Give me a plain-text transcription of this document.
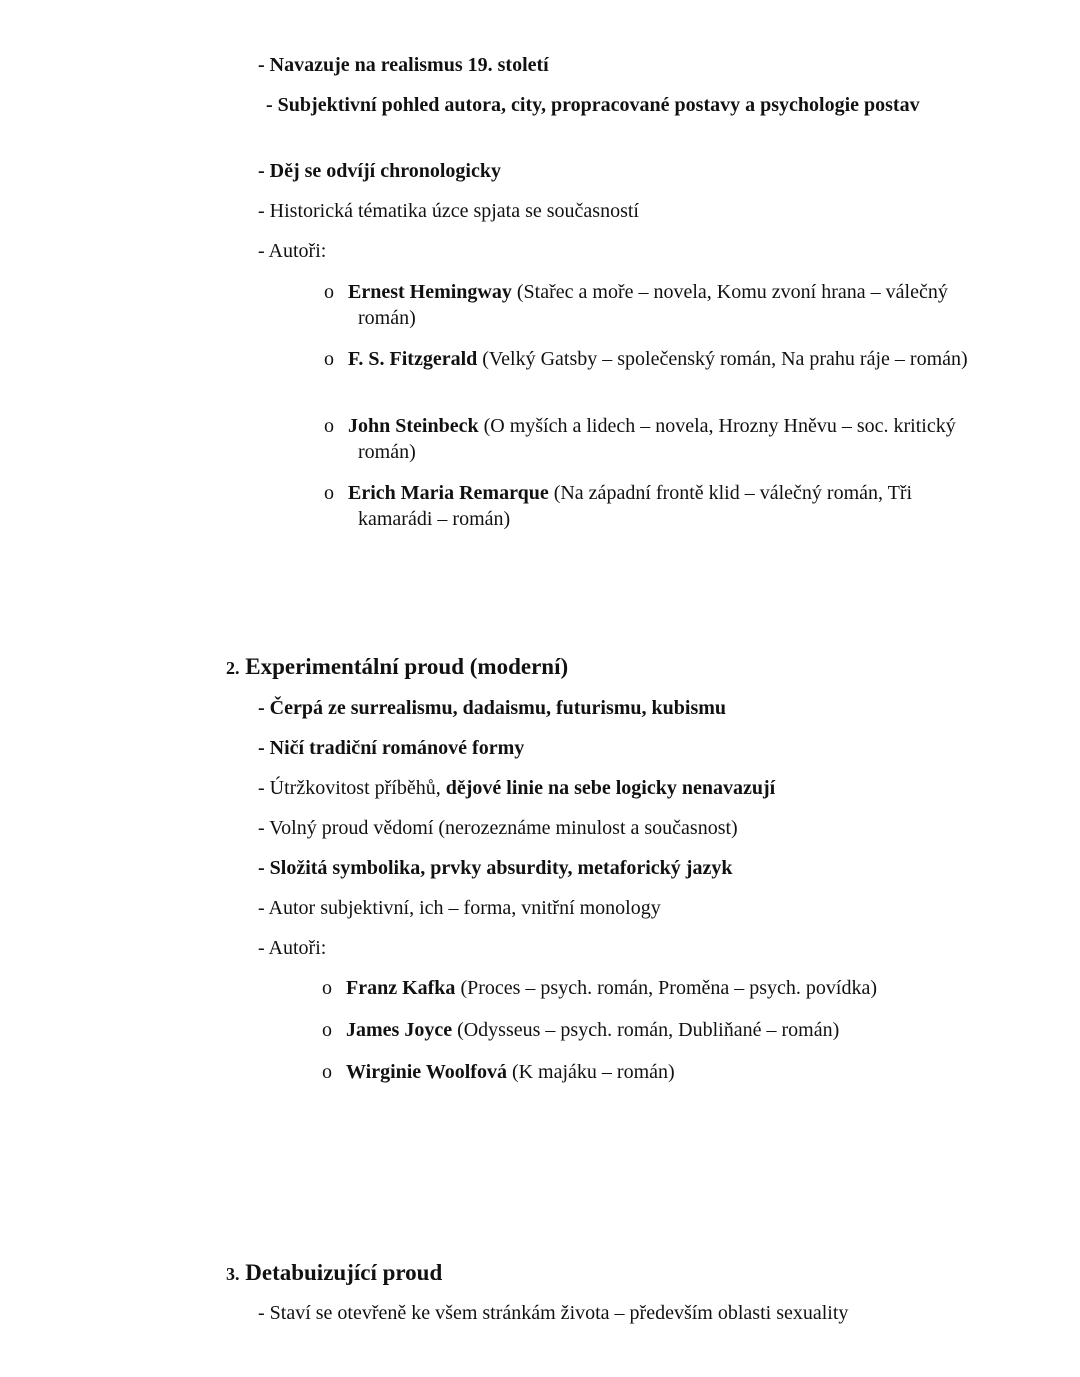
- Navazuje na realismus 19. století

- Subjektivní pohled autora, city, propracované postavy a psychologie postav

- Děj se odvíjí chronologicky

- Historická tématika úzce spjata se současností

- Autoři:

o Ernest Hemingway (Stařec a moře – novela, Komu zvoní hrana – válečný román)

o F. S. Fitzgerald (Velký Gatsby – společenský román, Na prahu ráje – román)

o John Steinbeck (O myších a lidech – novela, Hrozny Hněvu – soc. kritický román)

o Erich Maria Remarque (Na západní frontě klid – válečný román, Tři kamarádi – román)

2. Experimentální proud (moderní)

- Čerpá ze surrealismu, dadaismu, futurismu, kubismu

- Ničí tradiční románové formy

- Útržkovitost příběhů, dějové linie na sebe logicky nenavazují

- Volný proud vědomí (nerozeznáme minulost a současnost)

- Složitá symbolika, prvky absurdity, metaforický jazyk

- Autor subjektivní, ich – forma, vnitřní monology

- Autoři:

o Franz Kafka (Proces – psych. román, Proměna – psych. povídka)

o James Joyce (Odysseus – psych. román, Dubliňané – román)

o Wirginie Woolfová (K majáku – román)

3. Detabuizující proud

- Staví se otevřeně ke všem stránkám života – především oblasti sexuality
